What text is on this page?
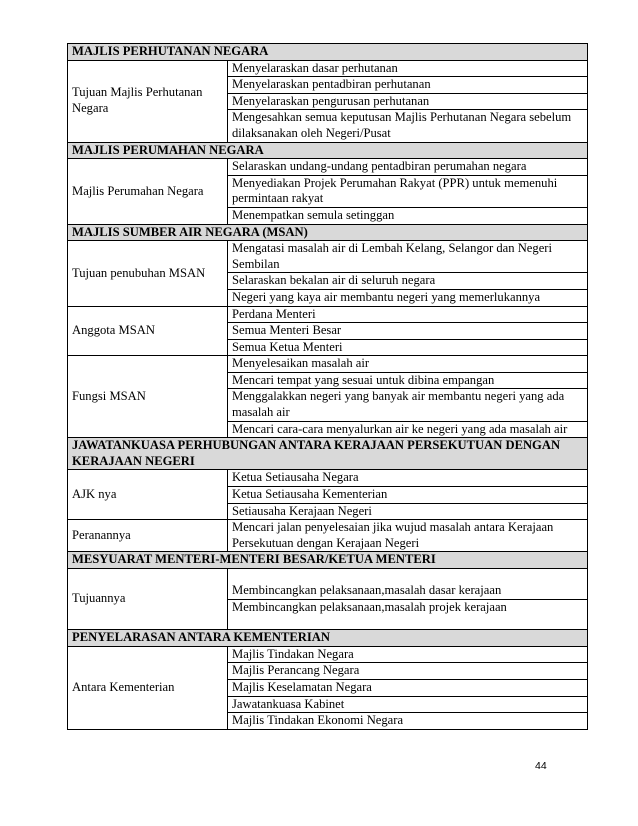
MAJLIS PERHUTANAN NEGARA	
Tujuan Majlis Perhutanan Negara	Menyelaraskan dasar perhutanan
Menyelaraskan pentadbiran perhutanan
Menyelaraskan pengurusan perhutanan
Mengesahkan semua keputusan Majlis Perhutanan Negara sebelum dilaksanakan oleh Negeri/Pusat

MAJLIS PERUMAHAN NEGARA	
Majlis Perumahan Negara	Selaraskan undang-undang pentadbiran perumahan negara
Menyediakan Projek Perumahan Rakyat (PPR) untuk memenuhi permintaan rakyat
Menempatkan semula setinggan

MAJLIS SUMBER AIR NEGARA (MSAN)	
Tujuan penubuhan MSAN	Mengatasi masalah air di Lembah Kelang, Selangor dan Negeri Sembilan
Selaraskan bekalan air di seluruh negara
Negeri yang kaya air membantu negeri yang memerlukannya

Anggota MSAN	Perdana Menteri
Semua Menteri Besar
Semua Ketua Menteri

Fungsi MSAN	Menyelesaikan masalah air
Mencari tempat yang sesuai untuk dibina empangan
Menggalakkan negeri yang banyak air membantu negeri yang ada masalah air
Mencari cara-cara menyalurkan air ke negeri yang ada masalah air

JAWATANKUASA PERHUBUNGAN ANTARA KERAJAAN PERSEKUTUAN DENGAN KERAJAAN NEGERI	
AJK nya	Ketua Setiausaha Negara
Ketua Setiausaha Kementerian
Setiausaha Kerajaan Negeri

Peranannya	Mencari jalan penyelesaian jika wujud masalah antara Kerajaan Persekutuan dengan Kerajaan Negeri

MESYUARAT MENTERI-MENTERI BESAR/KETUA MENTERI	
Tujuannya	Membincangkan pelaksanaan,masalah dasar kerajaan
Membincangkan pelaksanaan,masalah projek kerajaan

PENYELARASAN ANTARA KEMENTERIAN	
Antara Kementerian	Majlis Tindakan Negara
Majlis Perancang Negara
Majlis Keselamatan Negara
Jawatankuasa Kabinet
Majlis Tindakan Ekonomi Negara
44
